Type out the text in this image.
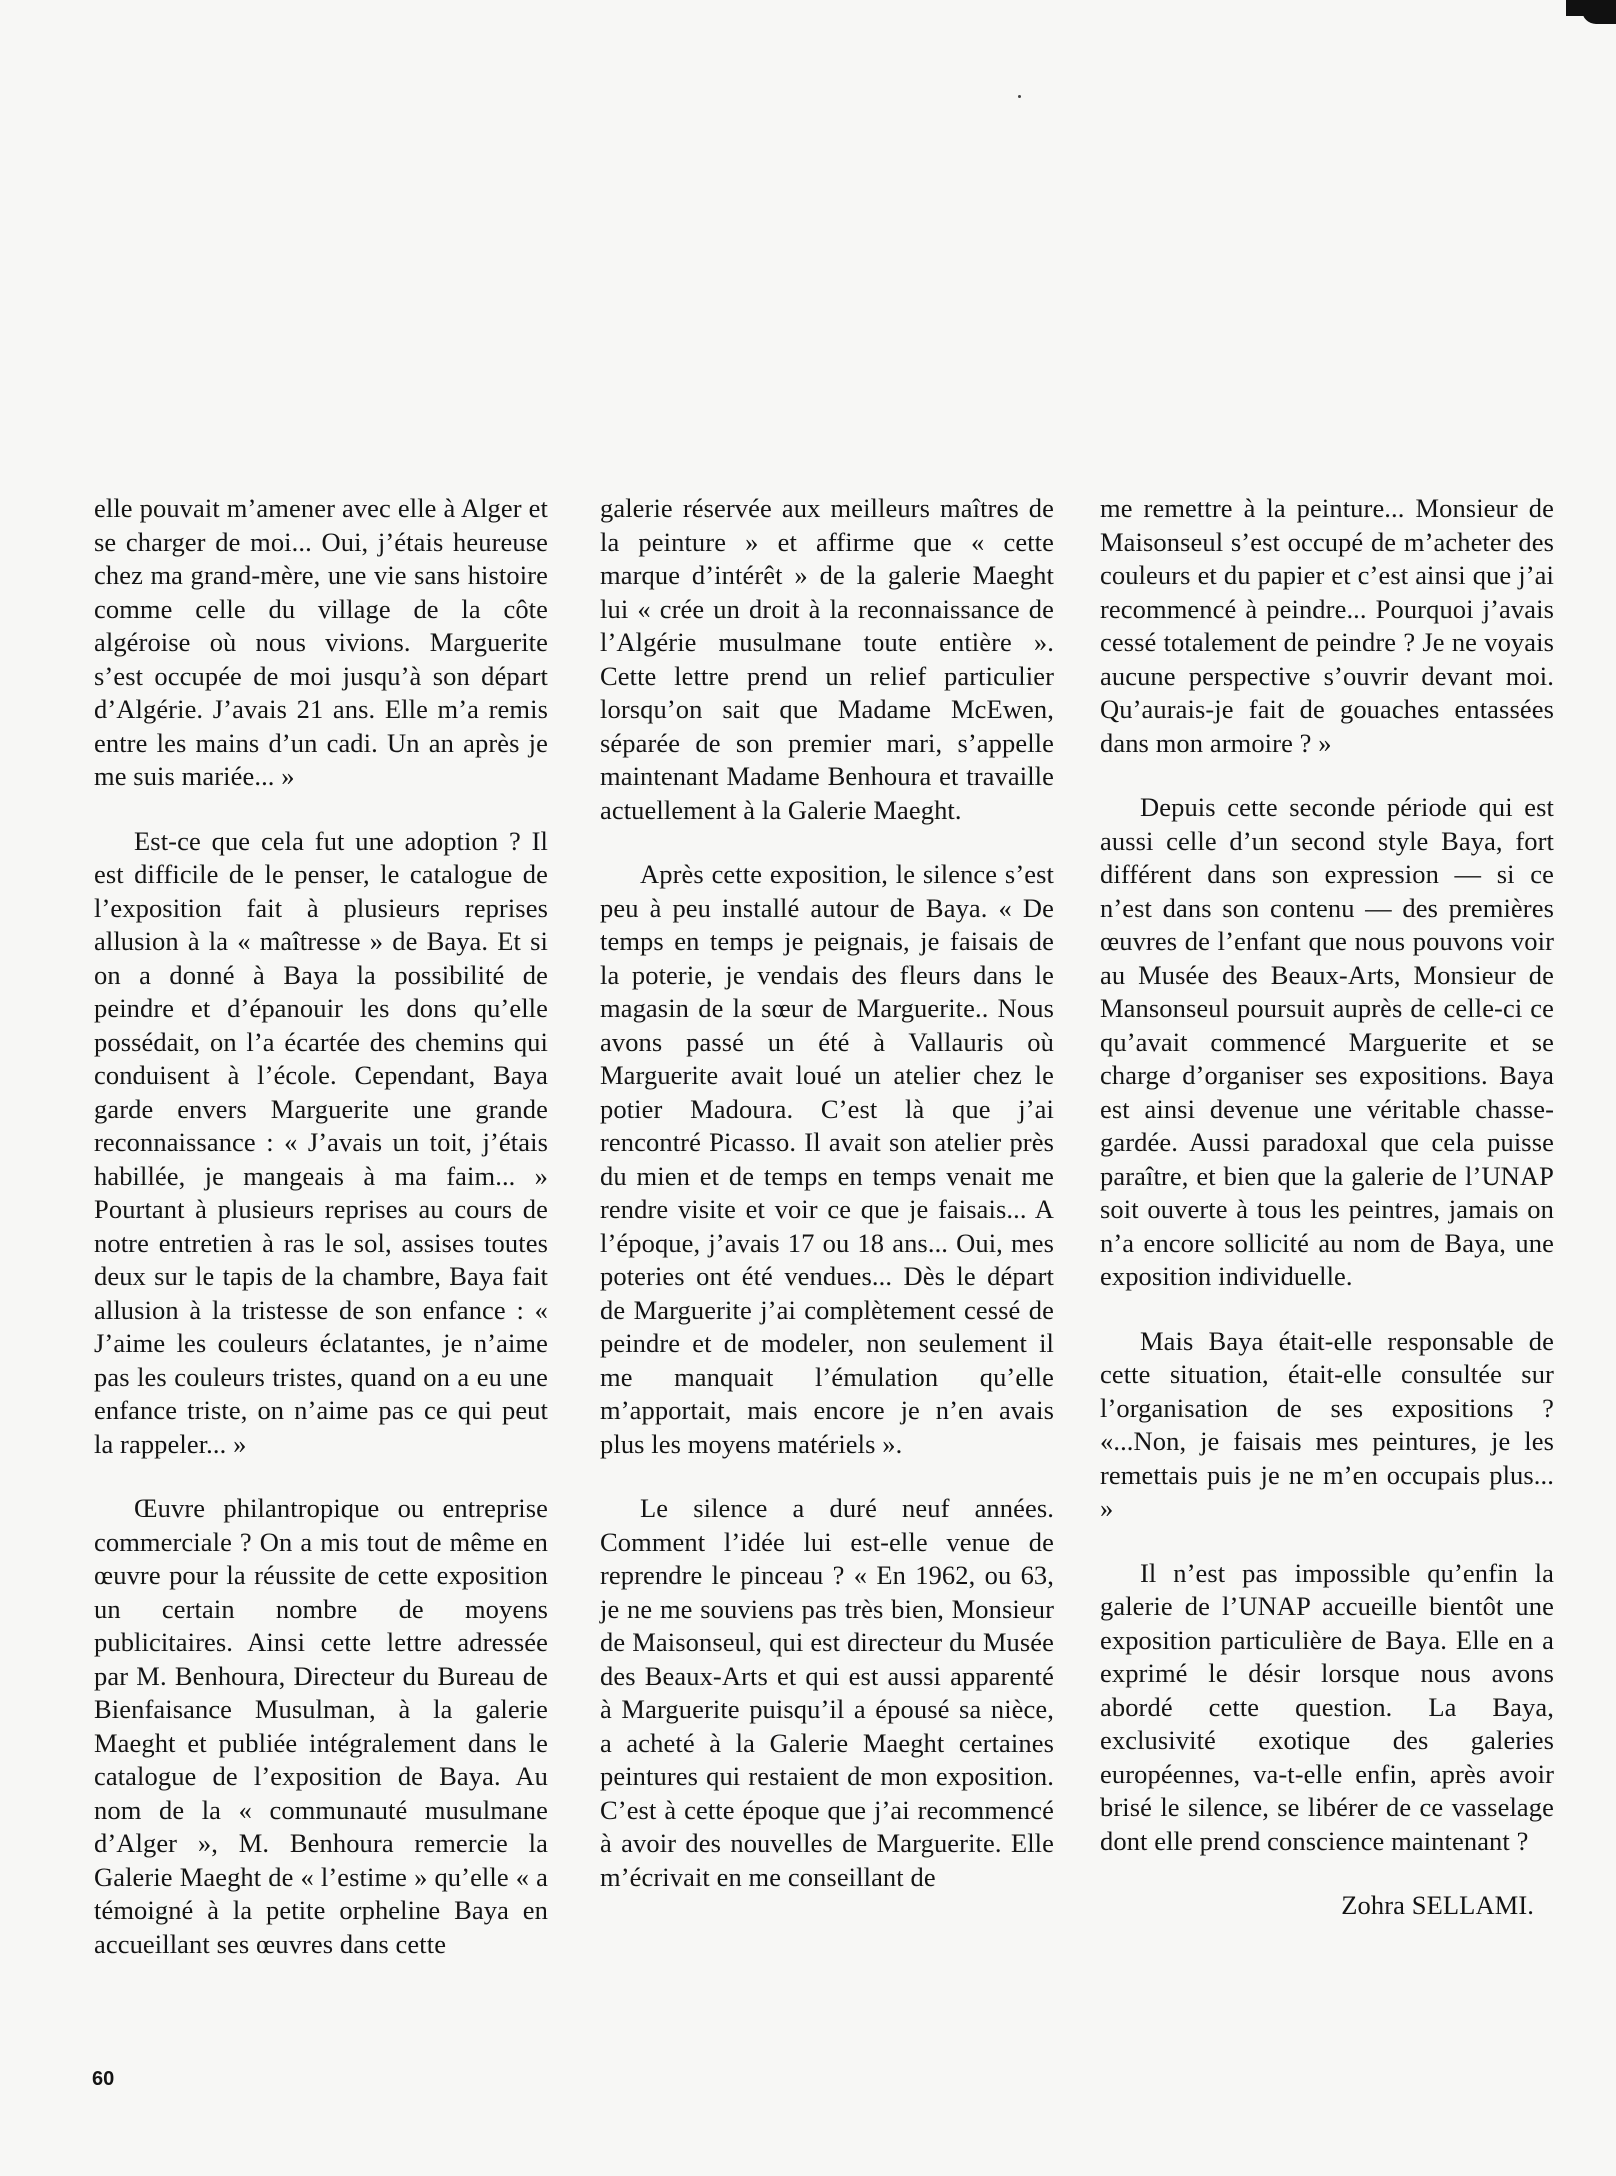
elle pouvait m’amener avec elle à Alger et se charger de moi... Oui, j’étais heureuse chez ma grand-mère, une vie sans histoire comme celle du village de la côte algéroise où nous vivions. Marguerite s’est occupée de moi jusqu’à son départ d’Algérie. J’avais 21 ans. Elle m’a remis entre les mains d’un cadi. Un an après je me suis mariée... »

Est-ce que cela fut une adoption ? Il est difficile de le penser, le catalogue de l’exposition fait à plusieurs reprises allusion à la « maîtresse » de Baya. Et si on a donné à Baya la possibilité de peindre et d’épanouir les dons qu’elle possédait, on l’a écartée des chemins qui conduisent à l’école. Cependant, Baya garde envers Marguerite une grande reconnaissance : « J’avais un toit, j’étais habillée, je mangeais à ma faim... » Pourtant à plusieurs reprises au cours de notre entretien à ras le sol, assises toutes deux sur le tapis de la chambre, Baya fait allusion à la tristesse de son enfance : « J’aime les couleurs éclatantes, je n’aime pas les couleurs tristes, quand on a eu une enfance triste, on n’aime pas ce qui peut la rappeler... »

Œuvre philantropique ou entreprise commerciale ? On a mis tout de même en œuvre pour la réussite de cette exposition un certain nombre de moyens publicitaires. Ainsi cette lettre adressée par M. Benhoura, Directeur du Bureau de Bienfaisance Musulman, à la galerie Maeght et publiée intégralement dans le catalogue de l’exposition de Baya. Au nom de la « communauté musulmane d’Alger », M. Benhoura remercie la Galerie Maeght de « l’estime » qu’elle « a témoigné à la petite orpheline Baya en accueillant ses œuvres dans cette

galerie réservée aux meilleurs maîtres de la peinture » et affirme que « cette marque d’intérêt » de la galerie Maeght lui « crée un droit à la reconnaissance de l’Algérie musulmane toute entière ». Cette lettre prend un relief particulier lorsqu’on sait que Madame McEwen, séparée de son premier mari, s’appelle maintenant Madame Benhoura et travaille actuellement à la Galerie Maeght.

Après cette exposition, le silence s’est peu à peu installé autour de Baya. « De temps en temps je peignais, je faisais de la poterie, je vendais des fleurs dans le magasin de la sœur de Marguerite.. Nous avons passé un été à Vallauris où Marguerite avait loué un atelier chez le potier Madoura. C’est là que j’ai rencontré Picasso. Il avait son atelier près du mien et de temps en temps venait me rendre visite et voir ce que je faisais... A l’époque, j’avais 17 ou 18 ans... Oui, mes poteries ont été vendues... Dès le départ de Marguerite j’ai complètement cessé de peindre et de modeler, non seulement il me manquait l’émulation qu’elle m’apportait, mais encore je n’en avais plus les moyens matériels ».

Le silence a duré neuf années. Comment l’idée lui est-elle venue de reprendre le pinceau ? « En 1962, ou 63, je ne me souviens pas très bien, Monsieur de Maisonseul, qui est directeur du Musée des Beaux-Arts et qui est aussi apparenté à Marguerite puisqu’il a épousé sa nièce, a acheté à la Galerie Maeght certaines peintures qui restaient de mon exposition. C’est à cette époque que j’ai recommencé à avoir des nouvelles de Marguerite. Elle m’écrivait en me conseillant de

me remettre à la peinture... Monsieur de Maisonseul s’est occupé de m’acheter des couleurs et du papier et c’est ainsi que j’ai recommencé à peindre... Pourquoi j’avais cessé totalement de peindre ? Je ne voyais aucune perspective s’ouvrir devant moi. Qu’aurais-je fait de gouaches entassées dans mon armoire ? »

Depuis cette seconde période qui est aussi celle d’un second style Baya, fort différent dans son expression — si ce n’est dans son contenu — des premières œuvres de l’enfant que nous pouvons voir au Musée des Beaux-Arts, Monsieur de Mansonseul poursuit auprès de celle-ci ce qu’avait commencé Marguerite et se charge d’organiser ses expositions. Baya est ainsi devenue une véritable chasse-gardée. Aussi paradoxal que cela puisse paraître, et bien que la galerie de l’UNAP soit ouverte à tous les peintres, jamais on n’a encore sollicité au nom de Baya, une exposition individuelle.

Mais Baya était-elle responsable de cette situation, était-elle consultée sur l’organisation de ses expositions ? «...Non, je faisais mes peintures, je les remettais puis je ne m’en occupais plus... »

Il n’est pas impossible qu’enfin la galerie de l’UNAP accueille bientôt une exposition particulière de Baya. Elle en a exprimé le désir lorsque nous avons abordé cette question. La Baya, exclusivité exotique des galeries européennes, va-t-elle enfin, après avoir brisé le silence, se libérer de ce vasselage dont elle prend conscience maintenant ?

Zohra SELLAMI.
60
